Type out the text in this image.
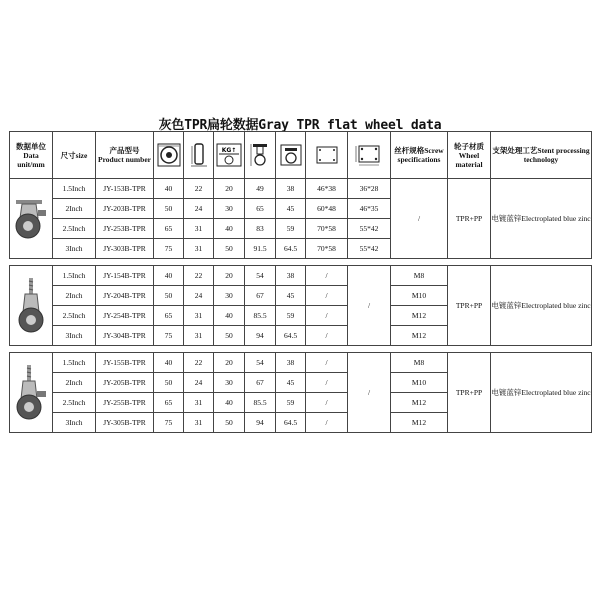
灰色TPR扁轮数据Gray TPR flat wheel data
数据单位 Data unit/mm	尺寸size	产品型号 Product number			KG↑					丝杆规格Screw specifications	轮子材质 Wheel material	支架处理工艺Stent processing technology

	1.5Inch	JY-153B-TPR	40	22	20	49	38	46*38	36*28	/	TPR+PP	电镀蓝锌Electroplated blue zinc
	2Inch	JY-203B-TPR	50	24	30	65	45	60*48	46*35			
	2.5Inch	JY-253B-TPR	65	31	40	83	59	70*58	55*42			
	3Inch	JY-303B-TPR	75	31	50	91.5	64.5	70*58	55*42			

	1.5Inch	JY-154B-TPR	40	22	20	54	38	/	/	M8	TPR+PP	电镀蓝锌Electroplated blue zinc
	2Inch	JY-204B-TPR	50	24	30	67	45	/		M10		
	2.5Inch	JY-254B-TPR	65	31	40	85.5	59	/		M12		
	3Inch	JY-304B-TPR	75	31	50	94	64.5	/		M12		

	1.5Inch	JY-155B-TPR	40	22	20	54	38	/	/	M8	TPR+PP	电镀蓝锌Electroplated blue zinc
	2Inch	JY-205B-TPR	50	24	30	67	45	/		M10		
	2.5Inch	JY-255B-TPR	65	31	40	85.5	59	/		M12		
	3Inch	JY-305B-TPR	75	31	50	94	64.5	/		M12		
